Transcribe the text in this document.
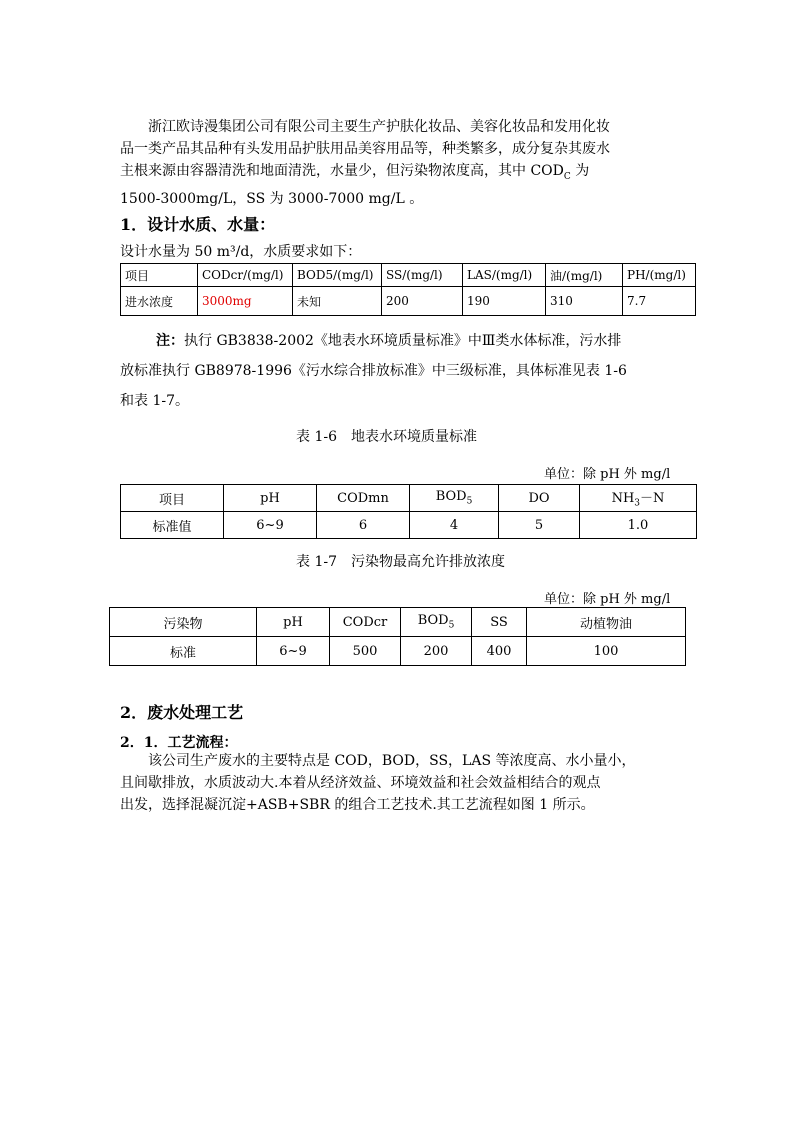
浙江欧诗漫集团公司有限公司主要生产护肤化妆品、美容化妆品和发用化妆
品一类产品其品种有头发用品护肤用品美容用品等，种类繁多，成分复杂其废水
主根来源由容器清洗和地面清洗，水量少，但污染物浓度高，其中 $COD_C$ 为
1500-3000mg/L，SS 为 3000-7000 mg/L 。
1．设计水质、水量：
设计水量为 50 m³/d，水质要求如下：
项目	CODcr/(mg/l)	BOD5/(mg/l)	SS/(mg/l)	LAS/(mg/l)	油/(mg/l)	PH/(mg/l)
进水浓度	3000mg	未知	200	190	310	7.7
注：执行 GB3838-2002《地表水环境质量标准》中Ⅲ类水体标准，污水排
放标准执行 GB8978-1996《污水综合排放标准》中三级标准，具体标准见表 1-6
和表 1-7。
表 1-6　地表水环境质量标准
单位：除 pH 外 mg/l
项目	pH	CODmn	$BOD_5$	DO	$NH_3-N$
标准值	6~9	6	4	5	1.0
表 1-7　污染物最高允许排放浓度
单位：除 pH 外 mg/l
污染物	pH	CODcr	$BOD_5$	SS	动植物油
标准	6~9	500	200	400	100
2．废水处理工艺
2．1．工艺流程：
该公司生产废水的主要特点是 COD，BOD，SS，LAS 等浓度高、水小量小，
且间歇排放，水质波动大.本着从经济效益、环境效益和社会效益相结合的观点
出发，选择混凝沉淀+ASB+SBR 的组合工艺技术.其工艺流程如图 1 所示。
